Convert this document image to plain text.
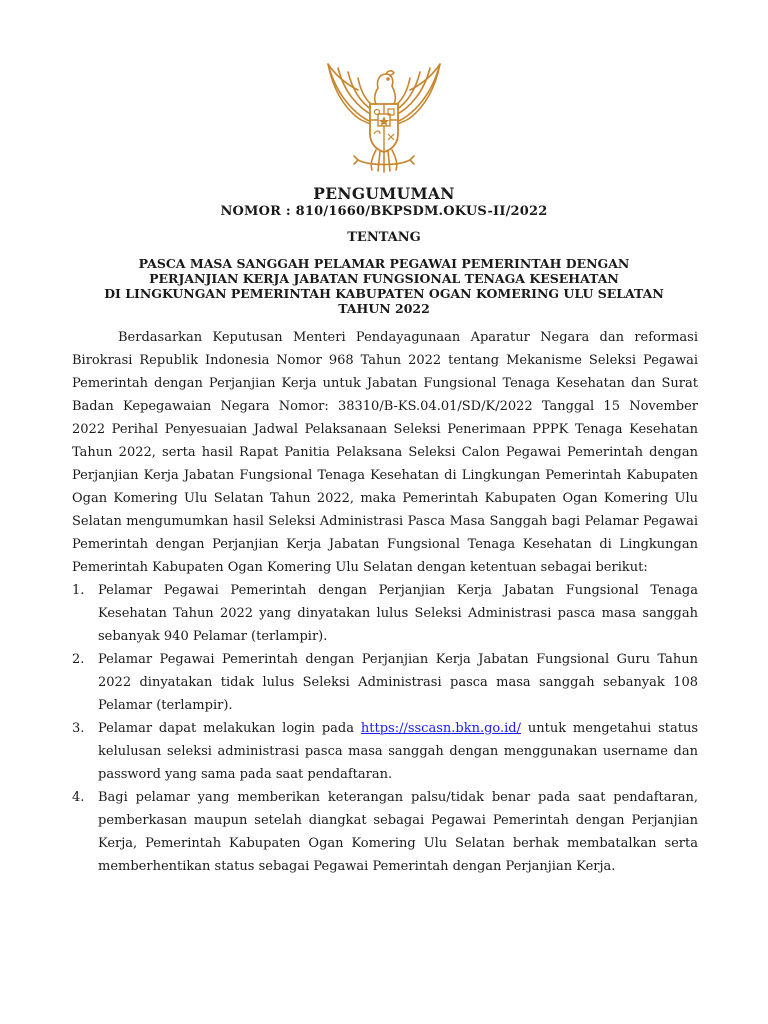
PENGUMUMAN
NOMOR : 810/1660/BKPSDM.OKUS-II/2022
TENTANG
PASCA MASA SANGGAH PELAMAR PEGAWAI PEMERINTAH DENGAN
PERJANJIAN KERJA JABATAN FUNGSIONAL TENAGA KESEHATAN
DI LINGKUNGAN PEMERINTAH KABUPATEN OGAN KOMERING ULU SELATAN
TAHUN 2022

Berdasarkan Keputusan Menteri Pendayagunaan Aparatur Negara dan reformasi Birokrasi Republik Indonesia Nomor 968 Tahun 2022 tentang Mekanisme Seleksi Pegawai Pemerintah dengan Perjanjian Kerja untuk Jabatan Fungsional Tenaga Kesehatan dan Surat Badan Kepegawaian Negara Nomor: 38310/B-KS.04.01/SD/K/2022 Tanggal 15 November 2022 Perihal Penyesuaian Jadwal Pelaksanaan Seleksi Penerimaan PPPK Tenaga Kesehatan Tahun 2022, serta hasil Rapat Panitia Pelaksana Seleksi Calon Pegawai Pemerintah dengan Perjanjian Kerja Jabatan Fungsional Tenaga Kesehatan di Lingkungan Pemerintah Kabupaten Ogan Komering Ulu Selatan Tahun 2022, maka Pemerintah Kabupaten Ogan Komering Ulu Selatan mengumumkan hasil Seleksi Administrasi Pasca Masa Sanggah bagi Pelamar Pegawai Pemerintah dengan Perjanjian Kerja Jabatan Fungsional Tenaga Kesehatan di Lingkungan Pemerintah Kabupaten Ogan Komering Ulu Selatan dengan ketentuan sebagai berikut:

1. Pelamar Pegawai Pemerintah dengan Perjanjian Kerja Jabatan Fungsional Tenaga Kesehatan Tahun 2022 yang dinyatakan lulus Seleksi Administrasi pasca masa sanggah sebanyak 940 Pelamar (terlampir).
2. Pelamar Pegawai Pemerintah dengan Perjanjian Kerja Jabatan Fungsional Guru Tahun 2022 dinyatakan tidak lulus Seleksi Administrasi pasca masa sanggah sebanyak 108 Pelamar (terlampir).
3. Pelamar dapat melakukan login pada https://sscasn.bkn.go.id/ untuk mengetahui status kelulusan seleksi administrasi pasca masa sanggah dengan menggunakan username dan password yang sama pada saat pendaftaran.
4. Bagi pelamar yang memberikan keterangan palsu/tidak benar pada saat pendaftaran, pemberkasan maupun setelah diangkat sebagai Pegawai Pemerintah dengan Perjanjian Kerja, Pemerintah Kabupaten Ogan Komering Ulu Selatan berhak membatalkan serta memberhentikan status sebagai Pegawai Pemerintah dengan Perjanjian Kerja.
